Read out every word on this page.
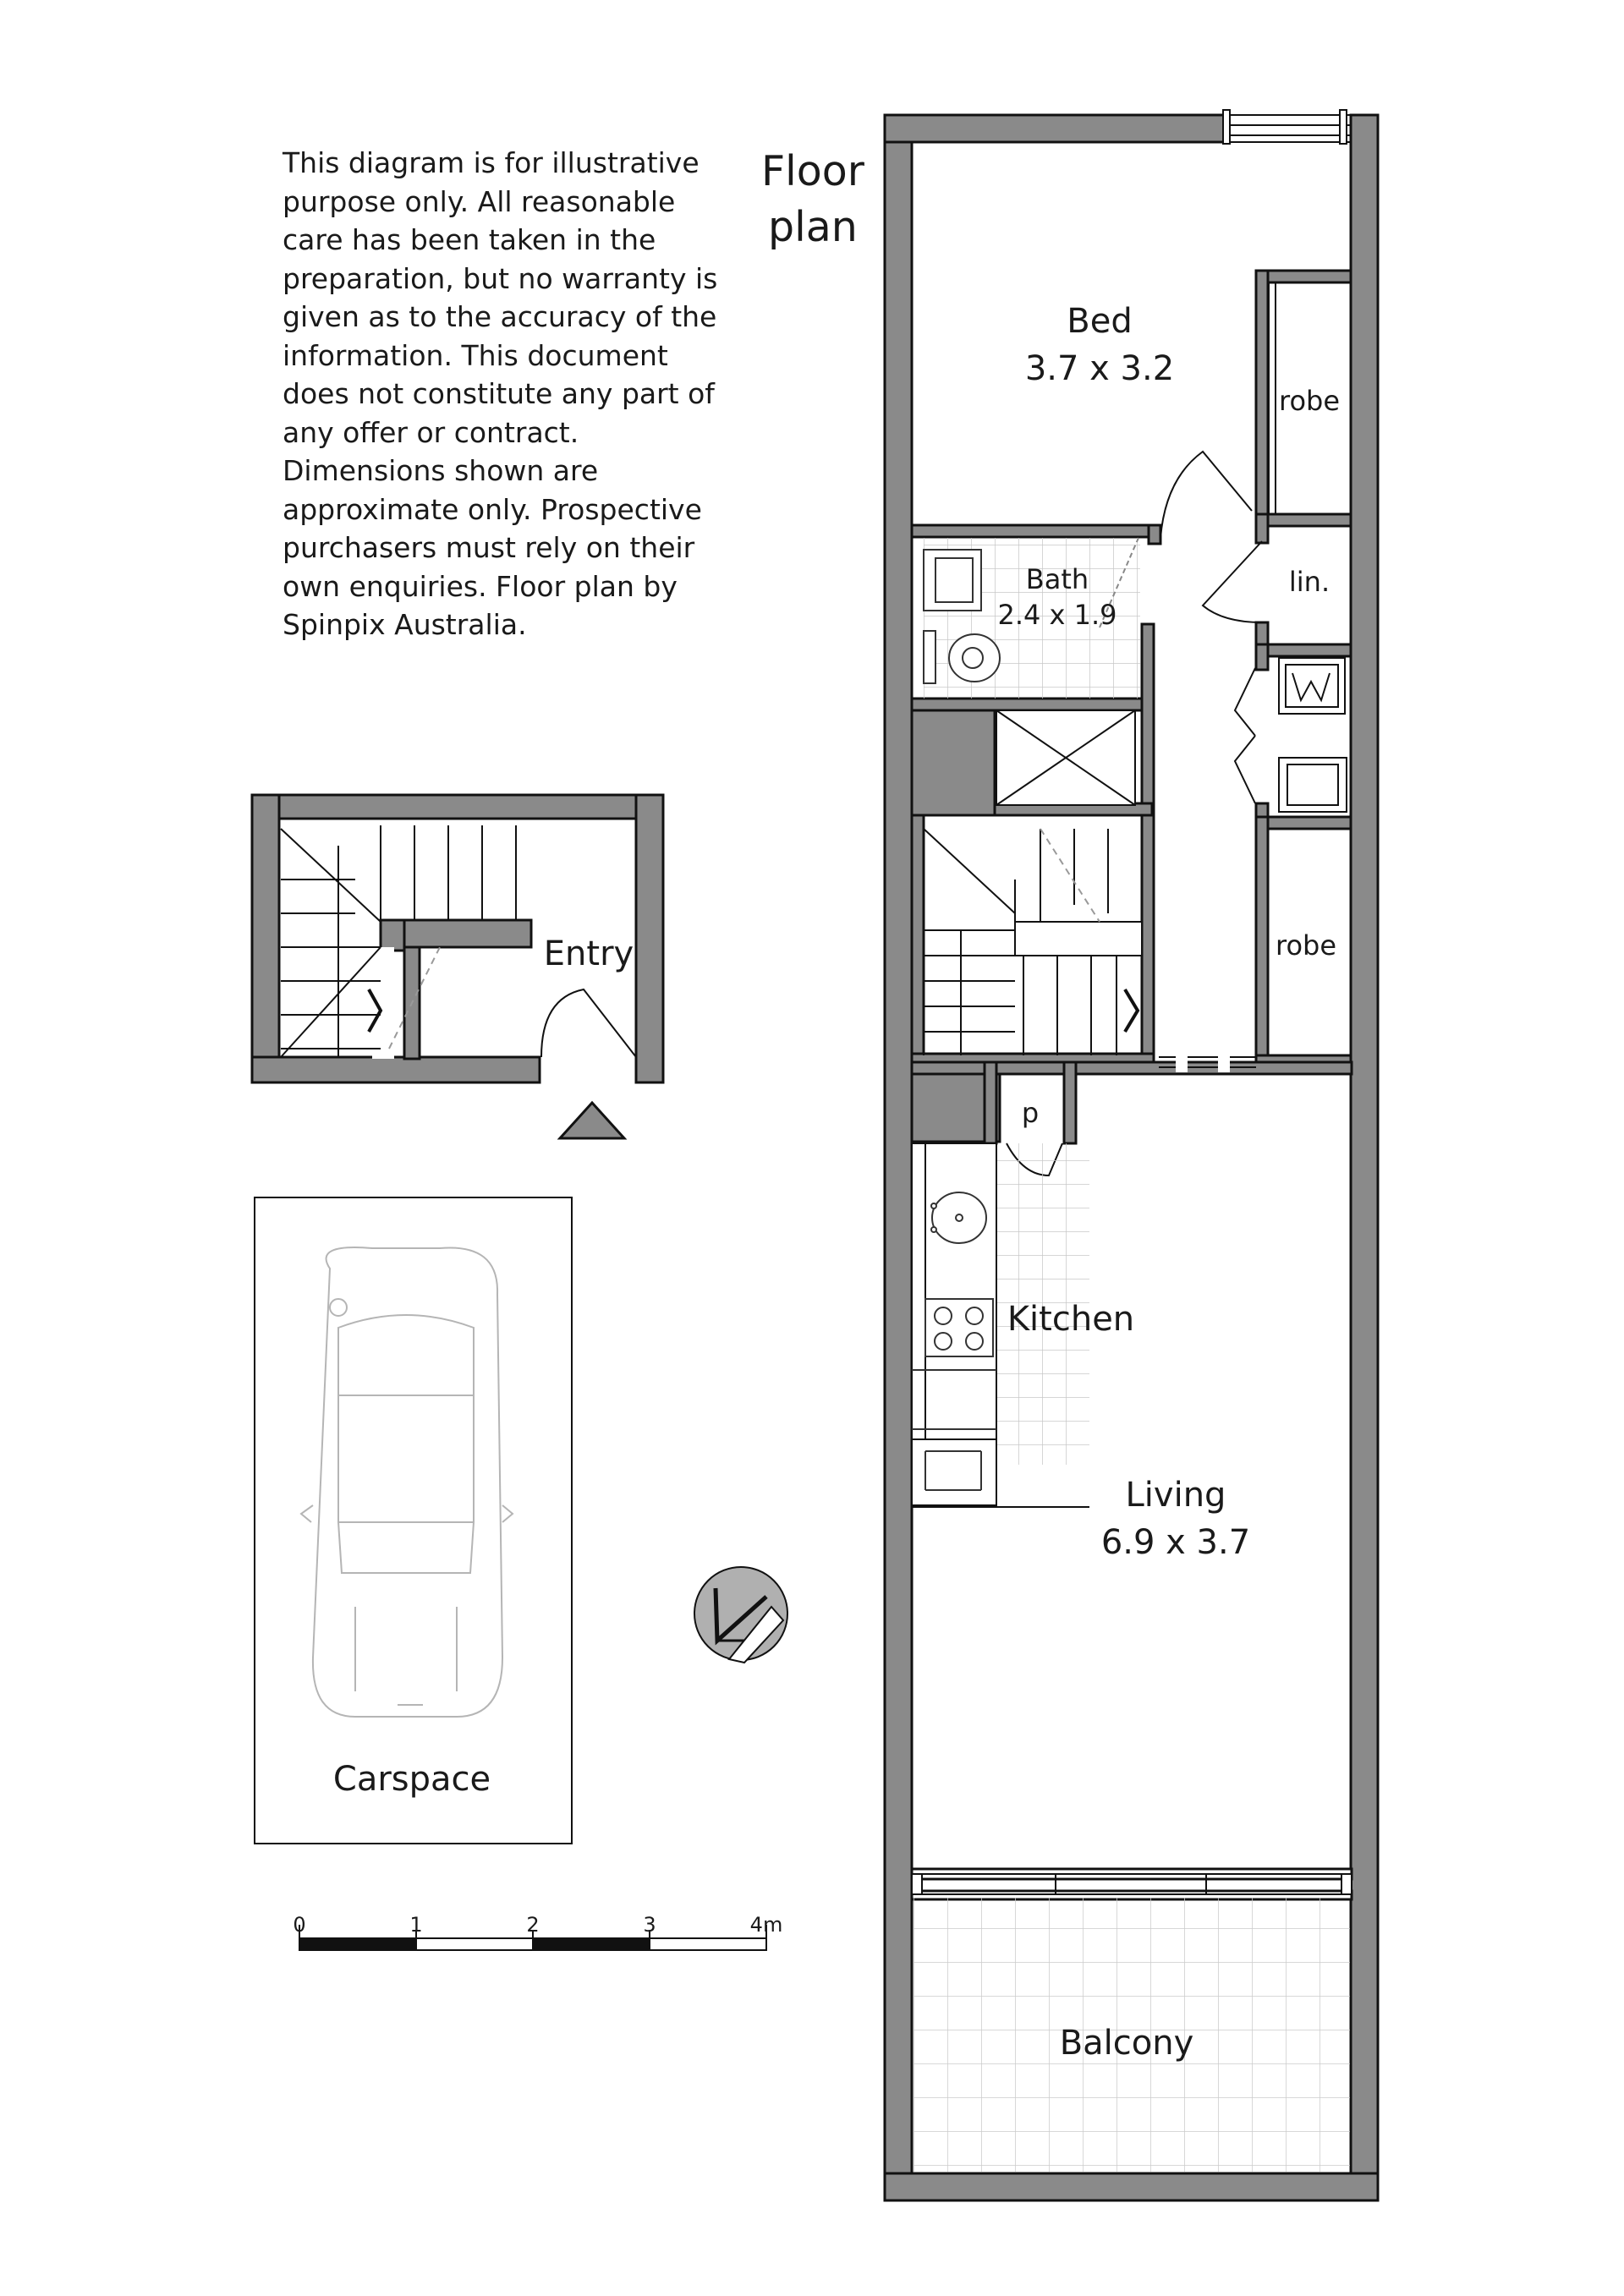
This diagram is for illustrative
purpose only. All reasonable
care has been taken in the
preparation, but no warranty is
given as to the accuracy of the
information. This document
does not constitute any part of
any offer or contract.
Dimensions shown are
approximate only. Prospective
purchasers must rely on their
own enquiries. Floor plan by
Spinpix Australia.
Floor
plan
Bed
3.7 x 3.2
robe
Bath
2.4 x 1.9
lin.
robe
p
Kitchen
Living
6.9 x 3.7
Balcony
Entry
Carspace
0	1	2	3	4m
